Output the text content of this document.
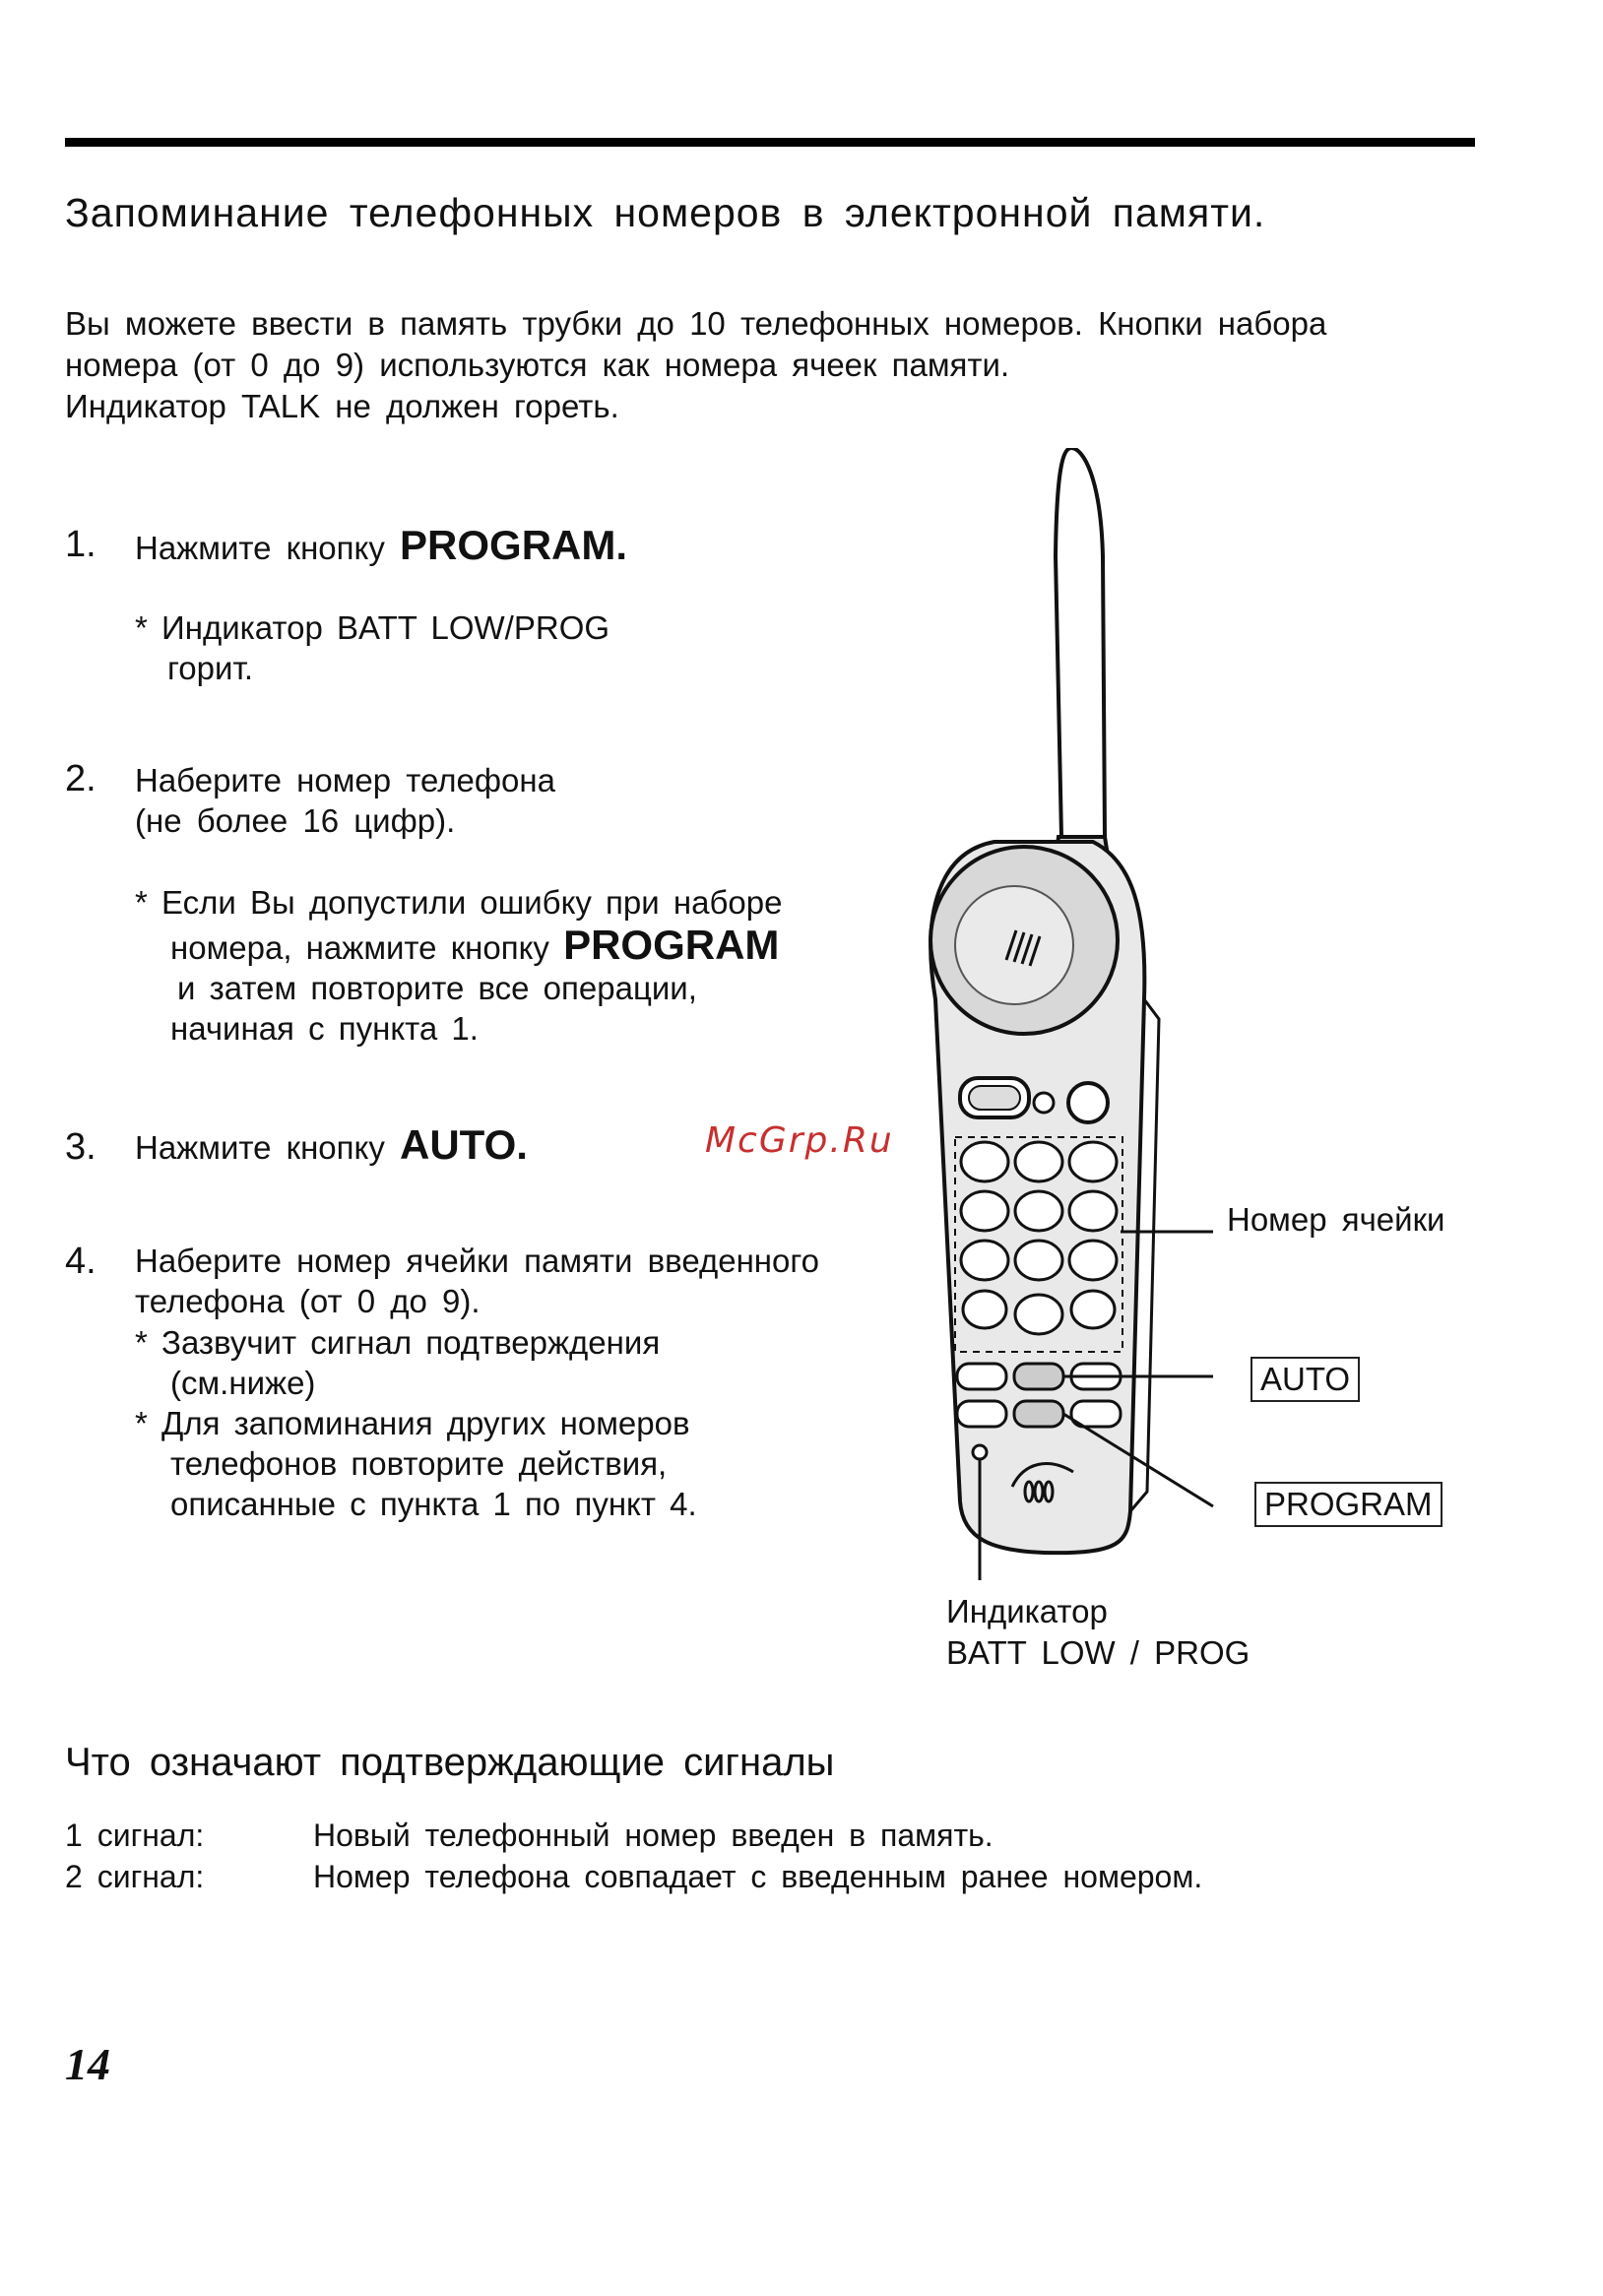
Запоминание телефонных номеров в электронной памяти.
Вы можете ввести в память трубки до 10 телефонных номеров. Кнопки набора
номера (от 0 до 9) используются как номера ячеек памяти.
Индикатор TALK не должен гореть.
1. Нажмите кнопку PROGRAM.
* Индикатор BATT LOW/PROG
горит.
2. Наберите номер телефона
(не более 16 цифр).
* Если Вы допустили ошибку при наборе
номера, нажмите кнопку PROGRAM
и затем повторите все операции,
начиная с пункта 1.
3. Нажмите кнопку AUTO.	McGrp.Ru
4. Наберите номер ячейки памяти введенного
телефона (от 0 до 9).
* Зазвучит сигнал подтверждения
(см.ниже)
* Для запоминания других номеров
телефонов повторите действия,
описанные с пункта 1 по пункт 4.
Номер ячейки
AUTO
PROGRAM
Индикатор
BATT LOW / PROG
Что означают подтверждающие сигналы
1 сигнал:	Новый телефонный номер введен в память.
2 сигнал:	Номер телефона совпадает с введенным ранее номером.
14
